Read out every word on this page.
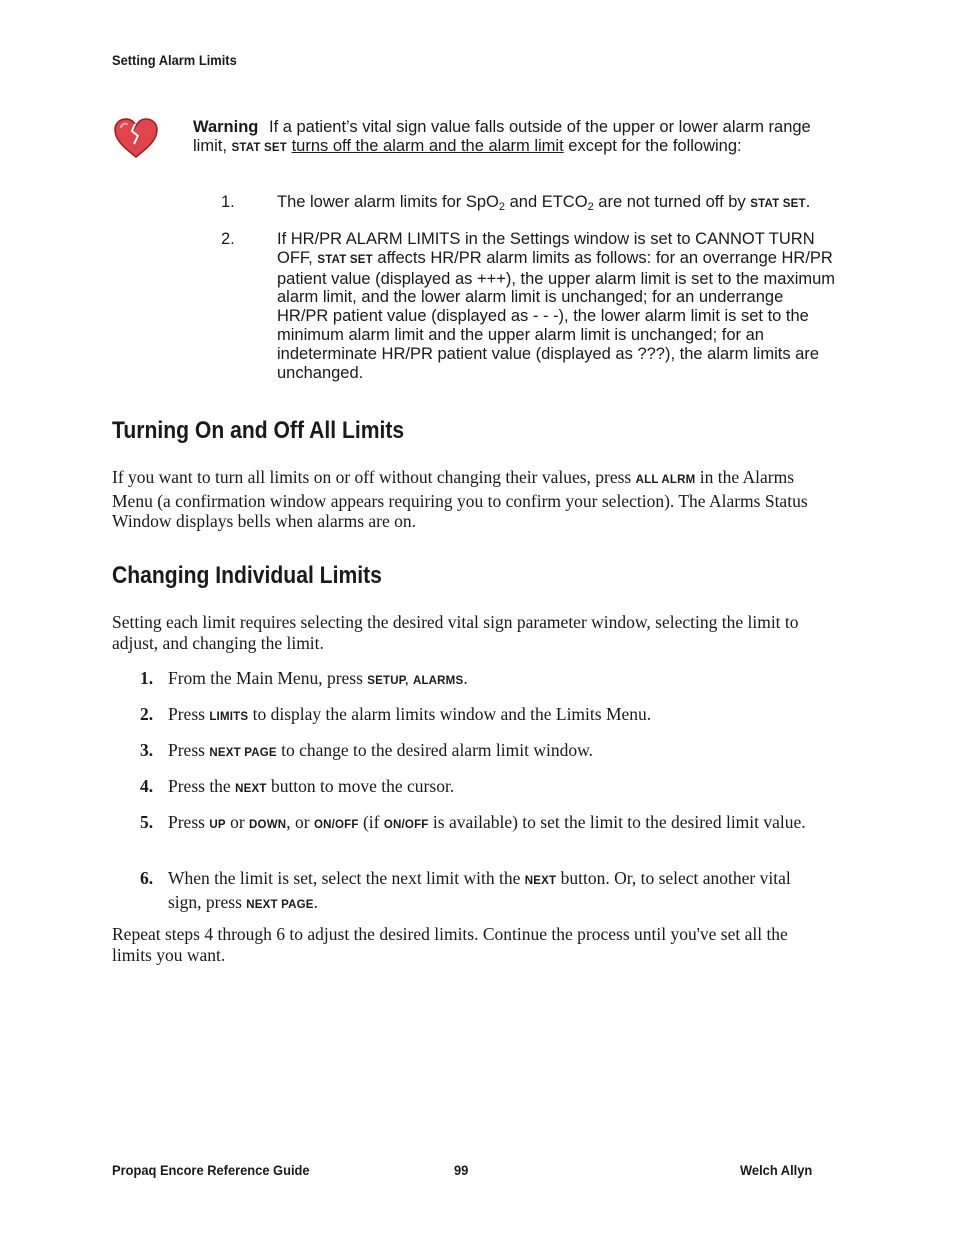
Setting Alarm Limits

Warning If a patient’s vital sign value falls outside of the upper or lower alarm range limit, STAT SET turns off the alarm and the alarm limit except for the following:

1.	The lower alarm limits for SpO$_2$ and $ETCO_2$ are not turned off by STAT SET.
2.	If HR/PR ALARM LIMITS in the Settings window is set to CANNOT TURN OFF, STAT SET affects HR/PR alarm limits as follows: for an overrange HR/PR patient value (displayed as +++), the upper alarm limit is set to the maximum alarm limit, and the lower alarm limit is unchanged; for an underrange HR/PR patient value (displayed as - - -), the lower alarm limit is set to the minimum alarm limit and the upper alarm limit is unchanged; for an indeterminate HR/PR patient value (displayed as ???), the alarm limits are unchanged.
Turning On and Off All Limits
If you want to turn all limits on or off without changing their values, press ALL ALRM in the Alarms Menu (a confirmation window appears requiring you to confirm your selection). The Alarms Status Window displays bells when alarms are on.
Changing Individual Limits
Setting each limit requires selecting the desired vital sign parameter window, selecting the limit to adjust, and changing the limit.
1. From the Main Menu, press SETUP, ALARMS.
2. Press LIMITS to display the alarm limits window and the Limits Menu.
3. Press NEXT PAGE to change to the desired alarm limit window.
4. Press the NEXT button to move the cursor.
5. Press UP or DOWN, or ON/OFF (if ON/OFF is available) to set the limit to the desired limit value.
6. When the limit is set, select the next limit with the NEXT button. Or, to select another vital sign, press NEXT PAGE.
Repeat steps 4 through 6 to adjust the desired limits. Continue the process until you've set all the limits you want.
Propaq Encore Reference Guide	99	Welch Allyn
